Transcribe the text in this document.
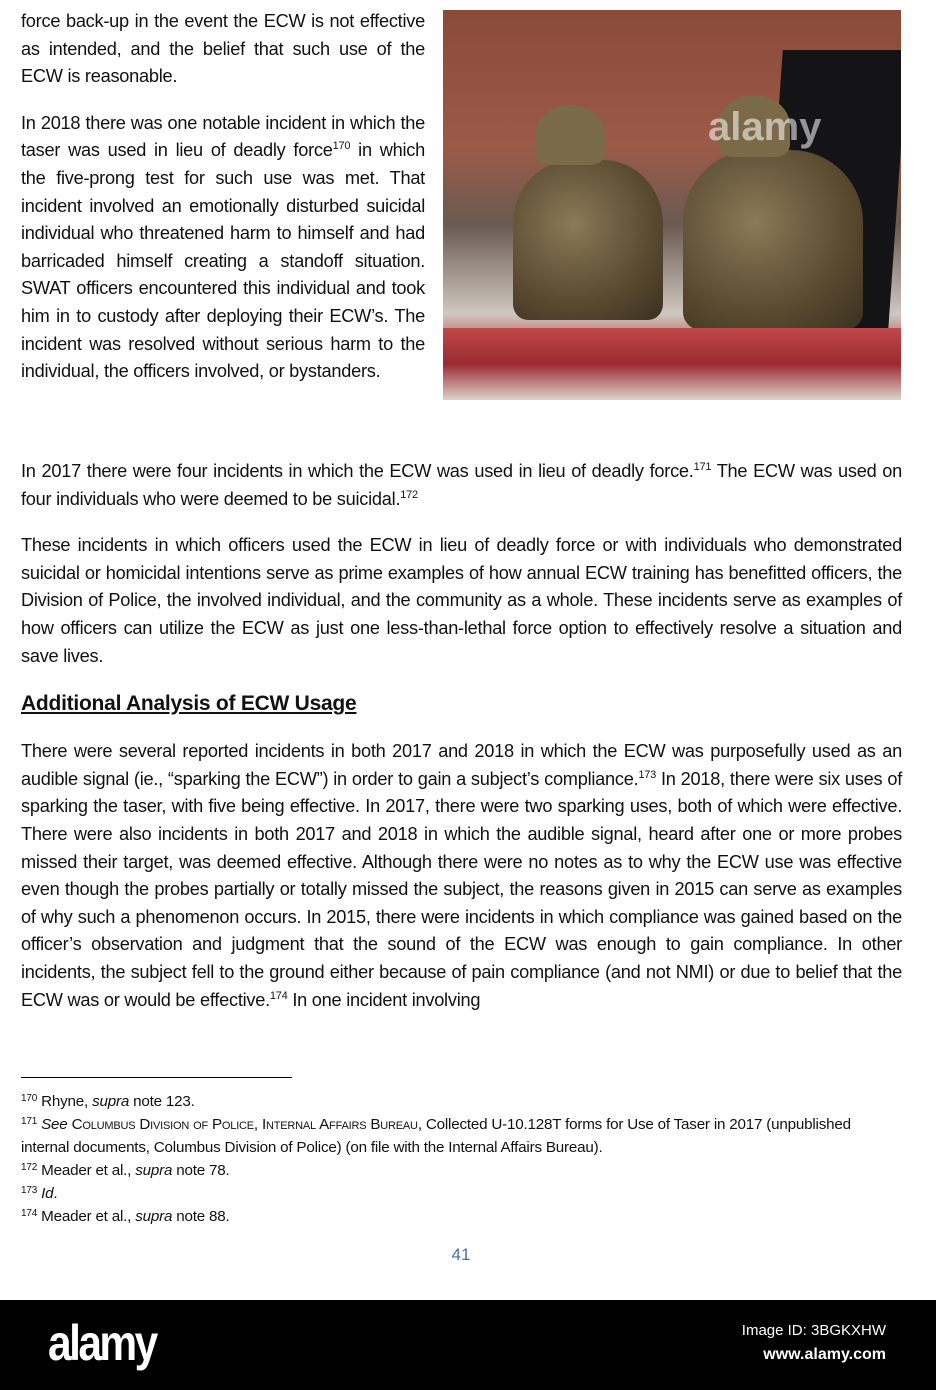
force back-up in the event the ECW is not effective as intended, and the belief that such use of the ECW is reasonable.

In 2018 there was one notable incident in which the taser was used in lieu of deadly force$^{170}$ in which the five-prong test for such use was met. That incident involved an emotionally disturbed suicidal individual who threatened harm to himself and had barricaded himself creating a standoff situation. SWAT officers encountered this individual and took him in to custody after deploying their ECW’s. The incident was resolved without serious harm to the individual, the officers involved, or bystanders.

alamy

In 2017 there were four incidents in which the ECW was used in lieu of deadly force.$^{171}$ The ECW was used on four individuals who were deemed to be suicidal.$^{172}$

These incidents in which officers used the ECW in lieu of deadly force or with individuals who demonstrated suicidal or homicidal intentions serve as prime examples of how annual ECW training has benefitted officers, the Division of Police, the involved individual, and the community as a whole. These incidents serve as examples of how officers can utilize the ECW as just one less-than-lethal force option to effectively resolve a situation and save lives.

Additional Analysis of ECW Usage

There were several reported incidents in both 2017 and 2018 in which the ECW was purposefully used as an audible signal (ie., “sparking the ECW”) in order to gain a subject’s compliance.$^{173}$ In 2018, there were six uses of sparking the taser, with five being effective. In 2017, there were two sparking uses, both of which were effective. There were also incidents in both 2017 and 2018 in which the audible signal, heard after one or more probes missed their target, was deemed effective. Although there were no notes as to why the ECW use was effective even though the probes partially or totally missed the subject, the reasons given in 2015 can serve as examples of why such a phenomenon occurs. In 2015, there were incidents in which compliance was gained based on the officer’s observation and judgment that the sound of the ECW was enough to gain compliance. In other incidents, the subject fell to the ground either because of pain compliance (and not NMI) or due to belief that the ECW was or would be effective.$^{174}$ In one incident involving

$^{170}$ Rhyne, supra note 123.
$^{171}$ See Columbus Division of Police, Internal Affairs Bureau, Collected U-10.128T forms for Use of Taser in 2017 (unpublished internal documents, Columbus Division of Police) (on file with the Internal Affairs Bureau).
$^{172}$ Meader et al., supra note 78.
$^{173}$ Id.
$^{174}$ Meader et al., supra note 88.
41
alamy	Image ID: 3BGKXHW
www.alamy.com
